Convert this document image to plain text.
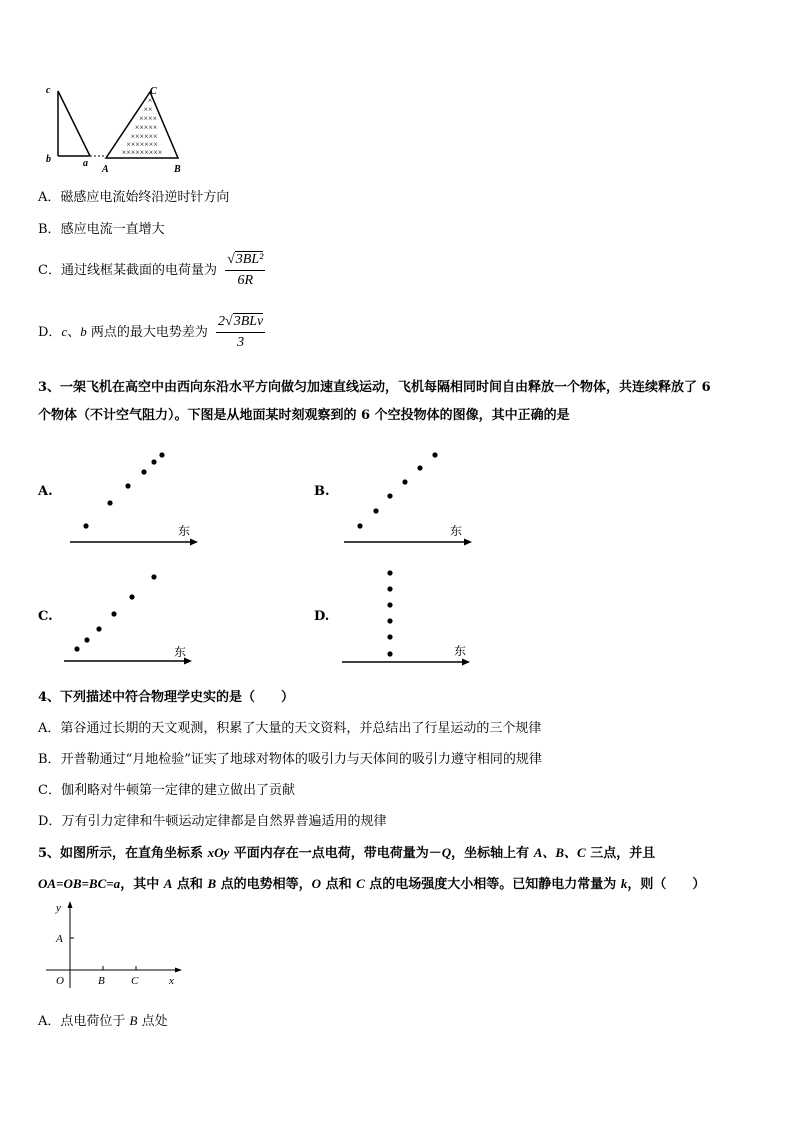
c
b	a
A	B
C
×
××
××××
×××××
××××××
×××××××
×××××××××
A．磁感应电流始终沿逆时针方向
B．感应电流一直增大
C．通过线框某截面的电荷量为 $\frac{\text{√3BL²}}{6R}$
D．c、b 两点的最大电势差为 $\frac{\text{2√3BLv}}{3}$
3、一架飞机在高空中由西向东沿水平方向做匀加速直线运动，飞机每隔相同时间自由释放一个物体，共连续释放了 6
个物体（不计空气阻力）。下图是从地面某时刻观察到的 6 个空投物体的图像，其中正确的是
A.
东
B.
东
C.
东
D.
东
4、下列描述中符合物理学史实的是（　　）
A．第谷通过长期的天文观测，积累了大量的天文资料，并总结出了行星运动的三个规律
B．开普勒通过“月地检验”证实了地球对物体的吸引力与天体间的吸引力遵守相同的规律
C．伽利略对牛顿第一定律的建立做出了贡献
D．万有引力定律和牛顿运动定律都是自然界普遍适用的规律
5、如图所示，在直角坐标系 xOy 平面内存在一点电荷，带电荷量为－Q，坐标轴上有 A、B、C 三点，并且
OA=OB=BC=a，其中 A 点和 B 点的电势相等，O 点和 C 点的电场强度大小相等。已知静电力常量为 k，则（　　）
y
A
O	B C	x
A．点电荷位于 B 点处
